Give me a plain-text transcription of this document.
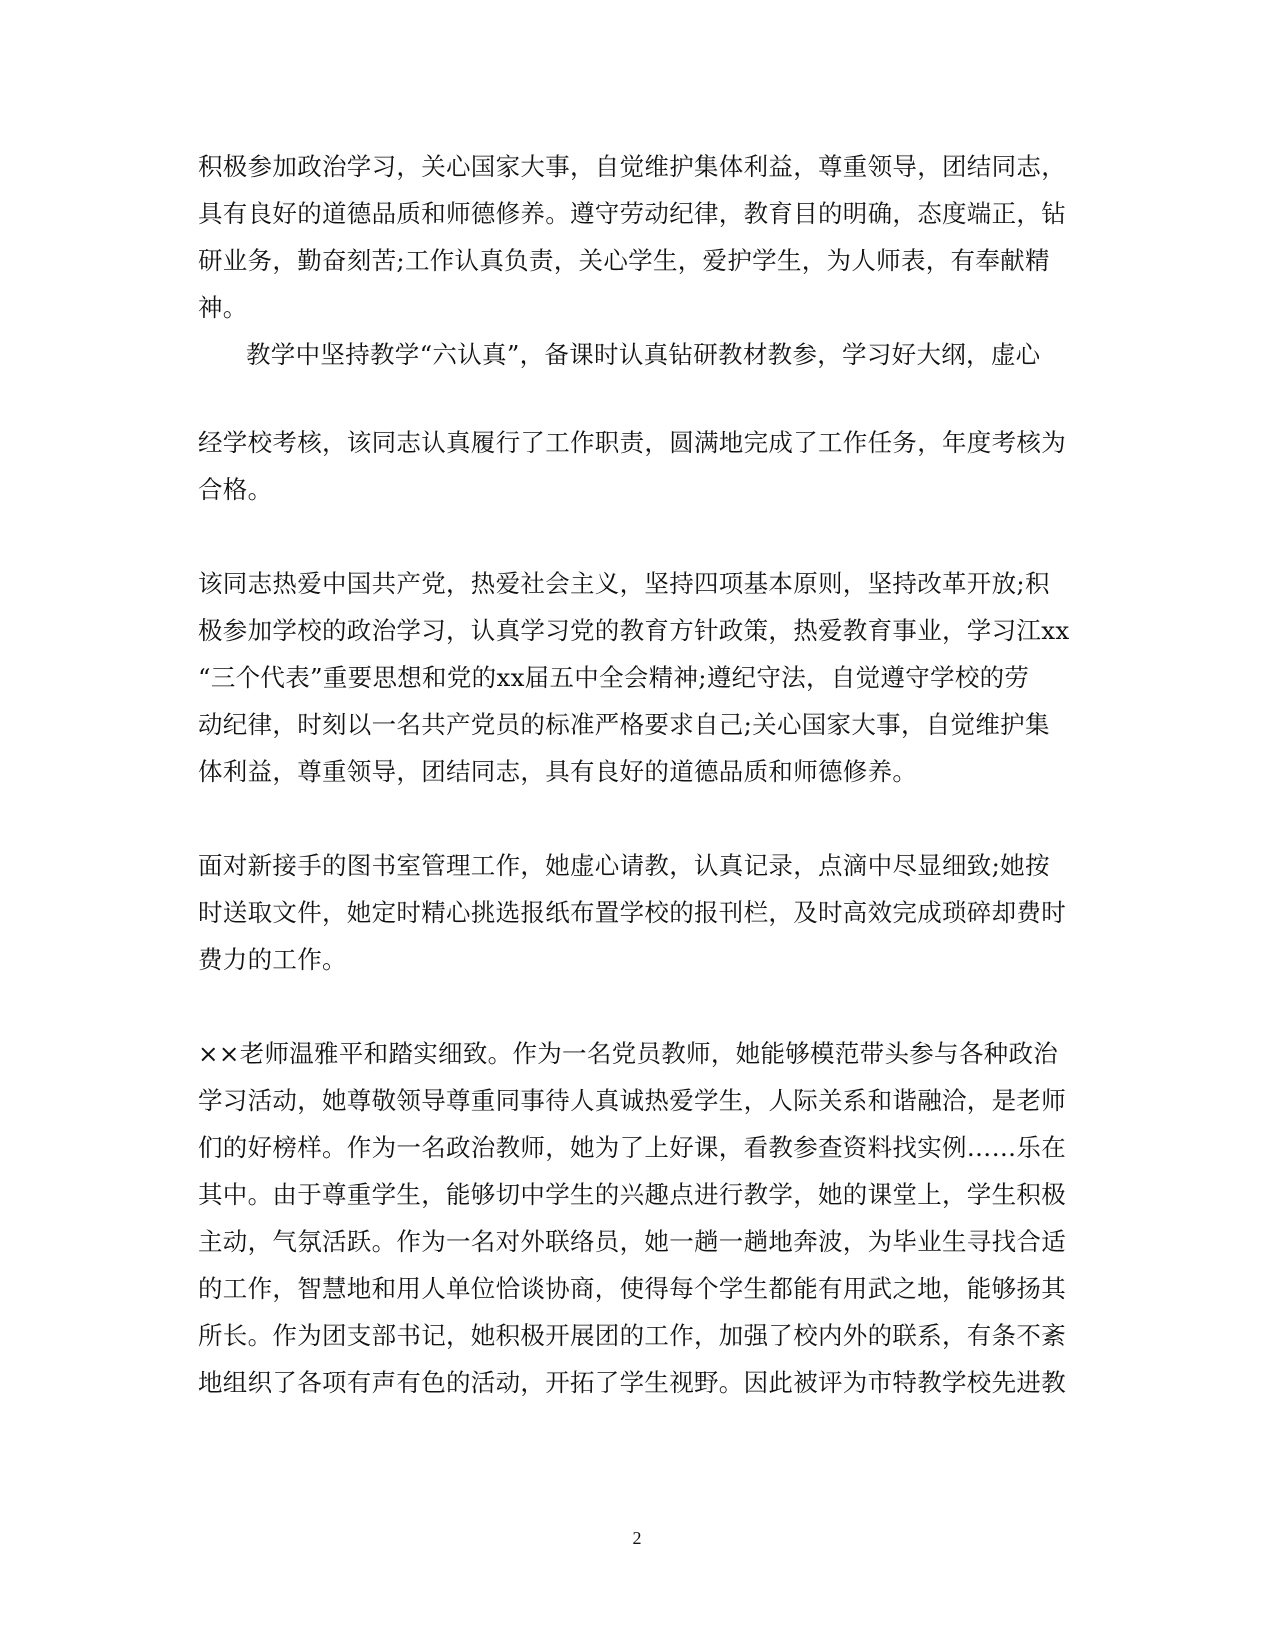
积极参加政治学习，关心国家大事，自觉维护集体利益，尊重领导，团结同志，
具有良好的道德品质和师德修养。遵守劳动纪律，教育目的明确，态度端正，钻
研业务，勤奋刻苦;工作认真负责，关心学生，爱护学生，为人师表，有奉献精
神。
教学中坚持教学“六认真”，备课时认真钻研教材教参，学习好大纲，虚心
经学校考核，该同志认真履行了工作职责，圆满地完成了工作任务，年度考核为
合格。
该同志热爱中国共产党，热爱社会主义，坚持四项基本原则，坚持改革开放;积
极参加学校的政治学习，认真学习党的教育方针政策，热爱教育事业，学习江xx
“三个代表”重要思想和党的xx届五中全会精神;遵纪守法，自觉遵守学校的劳
动纪律，时刻以一名共产党员的标准严格要求自己;关心国家大事，自觉维护集
体利益，尊重领导，团结同志，具有良好的道德品质和师德修养。
面对新接手的图书室管理工作，她虚心请教，认真记录，点滴中尽显细致;她按
时送取文件，她定时精心挑选报纸布置学校的报刊栏，及时高效完成琐碎却费时
费力的工作。
××老师温雅平和踏实细致。作为一名党员教师，她能够模范带头参与各种政治
学习活动，她尊敬领导尊重同事待人真诚热爱学生，人际关系和谐融洽，是老师
们的好榜样。作为一名政治教师，她为了上好课，看教参查资料找实例……乐在
其中。由于尊重学生，能够切中学生的兴趣点进行教学，她的课堂上，学生积极
主动，气氛活跃。作为一名对外联络员，她一趟一趟地奔波，为毕业生寻找合适
的工作，智慧地和用人单位恰谈协商，使得每个学生都能有用武之地，能够扬其
所长。作为团支部书记，她积极开展团的工作，加强了校内外的联系，有条不紊
地组织了各项有声有色的活动，开拓了学生视野。因此被评为市特教学校先进教
2
